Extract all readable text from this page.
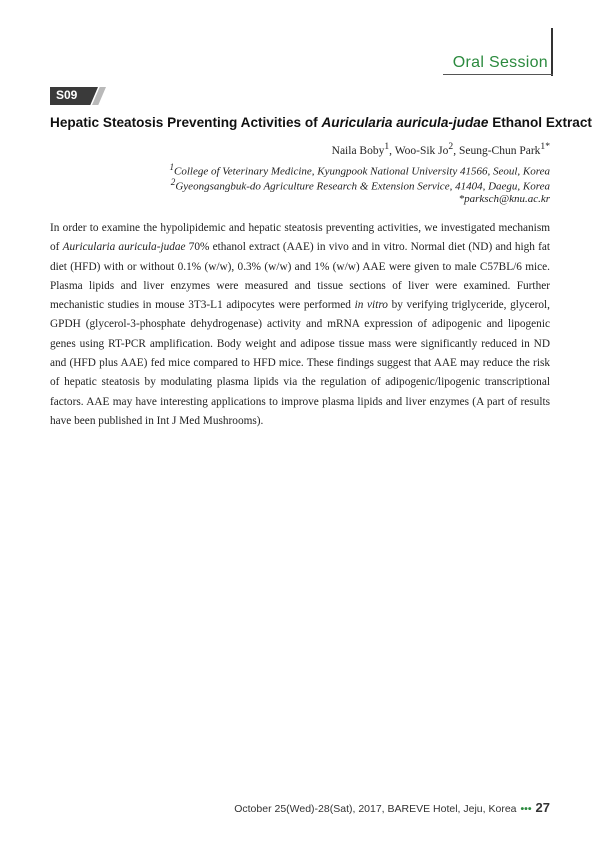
Oral Session
S09
Hepatic Steatosis Preventing Activities of Auricularia auricula-judae Ethanol Extract
Naila Boby$^1$, Woo-Sik Jo$^2$, Seung-Chun Park$^{1*}$
$^1$College of Veterinary Medicine, Kyungpook National University 41566, Seoul, Korea
$^2$Gyeongsangbuk-do Agriculture Research & Extension Service, 41404, Daegu, Korea
*parksch@knu.ac.kr
In order to examine the hypolipidemic and hepatic steatosis preventing activities, we investigated mechanism of Auricularia auricula-judae 70% ethanol extract (AAE) in vivo and in vitro. Normal diet (ND) and high fat diet (HFD) with or without 0.1% (w/w), 0.3% (w/w) and 1% (w/w) AAE were given to male C57BL/6 mice. Plasma lipids and liver enzymes were measured and tissue sections of liver were examined. Further mechanistic studies in mouse 3T3-L1 adipocytes were performed in vitro by verifying triglyceride, glycerol, GPDH (glycerol-3-phosphate dehydrogenase) activity and mRNA expression of adipogenic and lipogenic genes using RT-PCR amplification. Body weight and adipose tissue mass were significantly reduced in ND and (HFD plus AAE) fed mice compared to HFD mice. These findings suggest that AAE may reduce the risk of hepatic steatosis by modulating plasma lipids via the regulation of adipogenic/lipogenic transcriptional factors. AAE may have interesting applications to improve plasma lipids and liver enzymes (A part of results have been published in Int J Med Mushrooms).
October 25(Wed)-28(Sat), 2017, BAREVE Hotel, Jeju, Korea ••• 27
